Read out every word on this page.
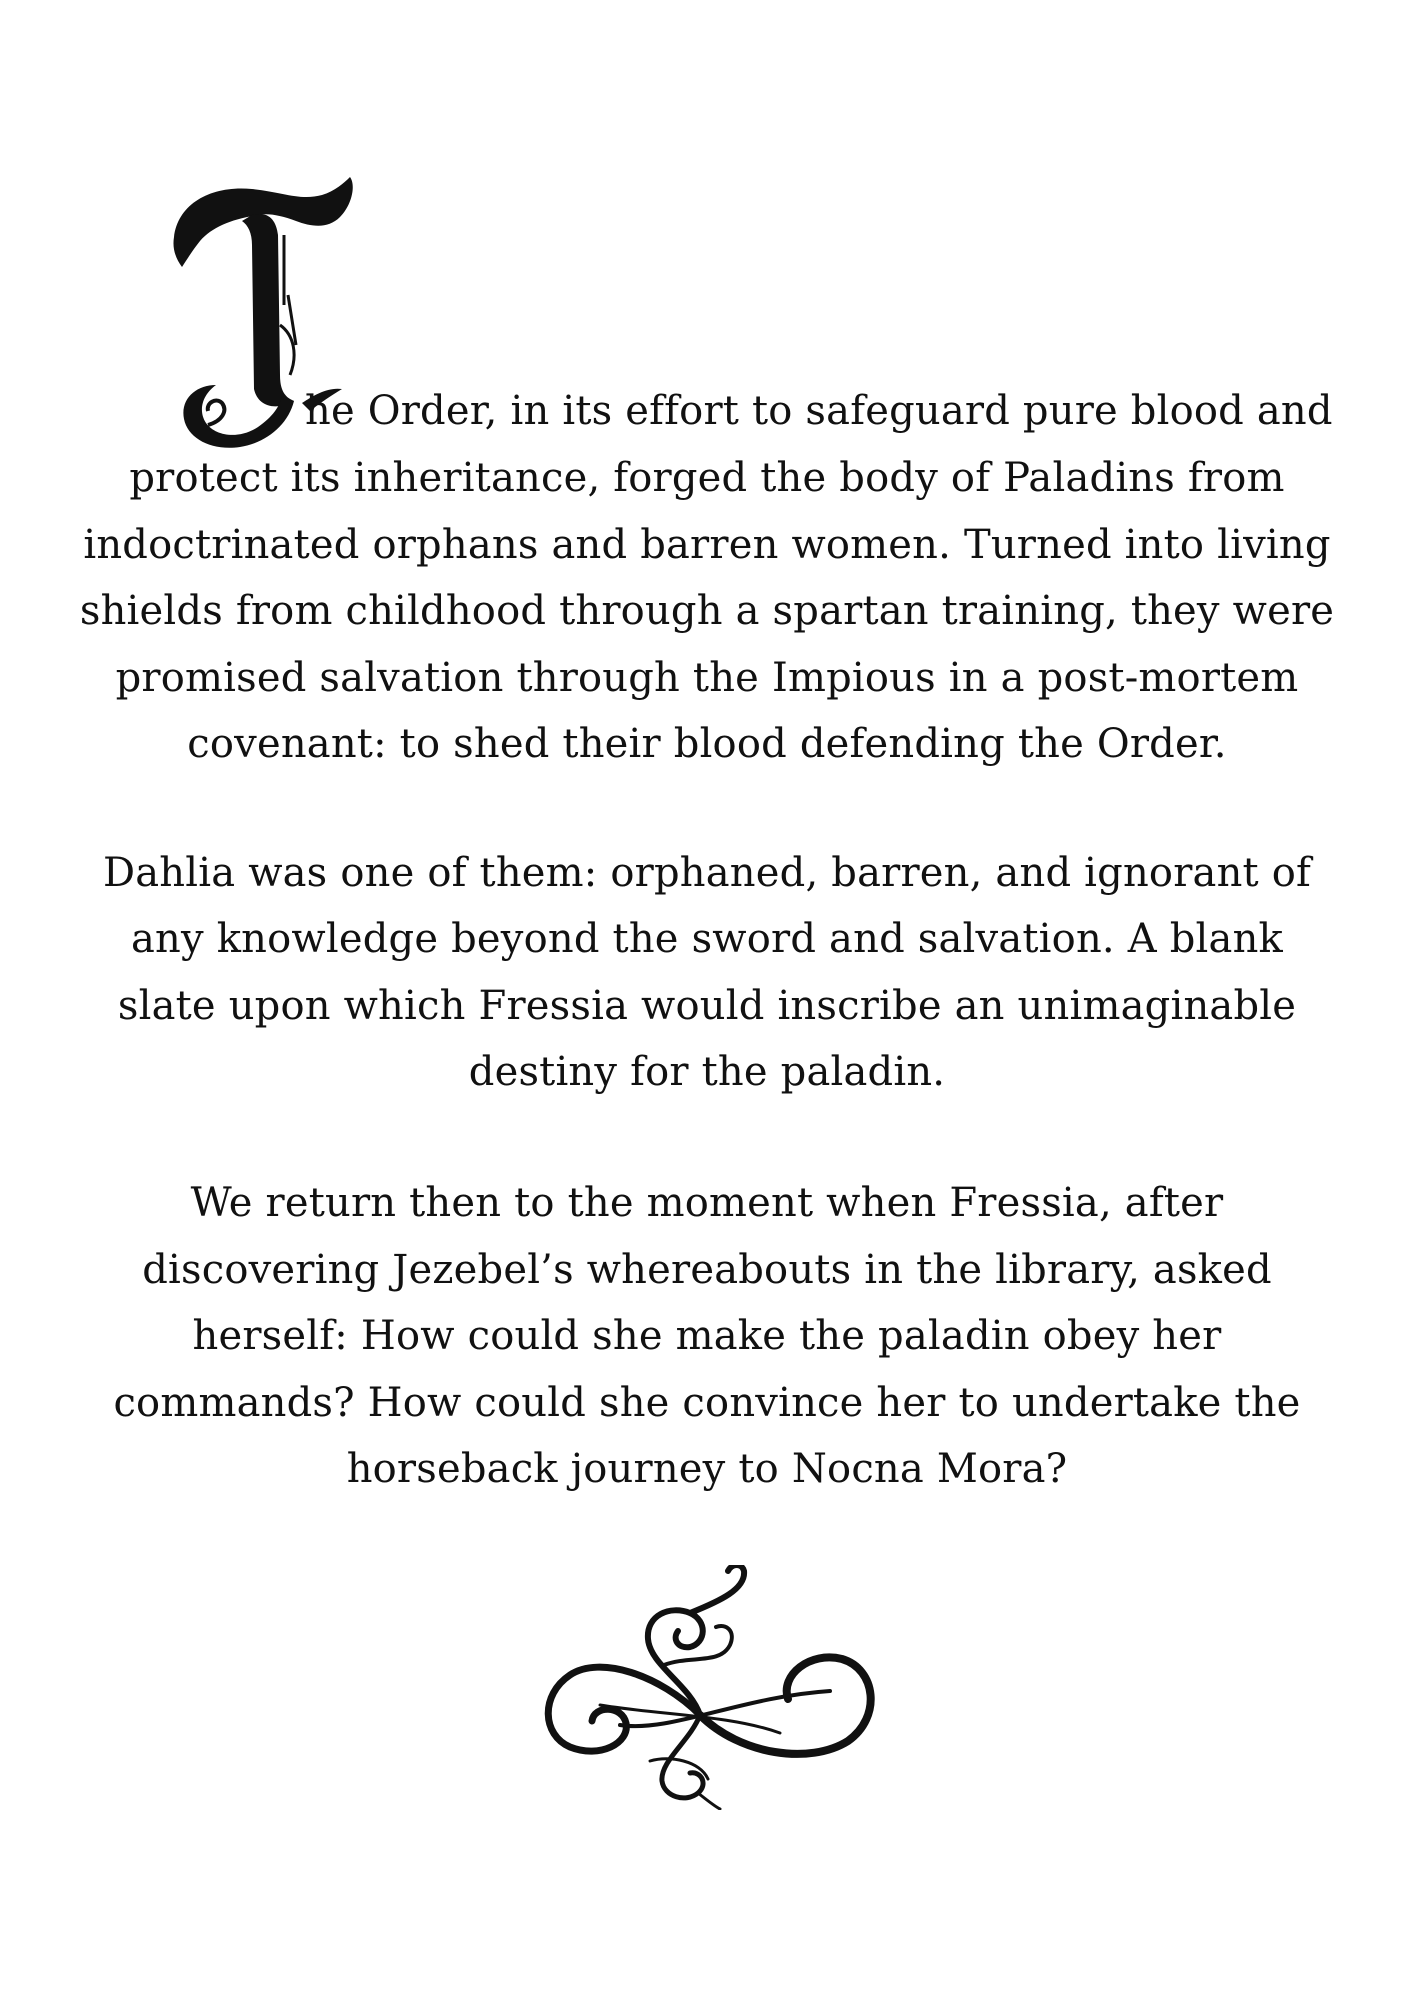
he Order, in its effort to safeguard pure blood and
protect its inheritance, forged the body of Paladins from
indoctrinated orphans and barren women. Turned into living
shields from childhood through a spartan training, they were
promised salvation through the Impious in a post-mortem
covenant: to shed their blood defending the Order.
Dahlia was one of them: orphaned, barren, and ignorant of
any knowledge beyond the sword and salvation. A blank
slate upon which Fressia would inscribe an unimaginable
destiny for the paladin.
We return then to the moment when Fressia, after
discovering Jezebel’s whereabouts in the library, asked
herself: How could she make the paladin obey her
commands? How could she convince her to undertake the
horseback journey to Nocna Mora?
